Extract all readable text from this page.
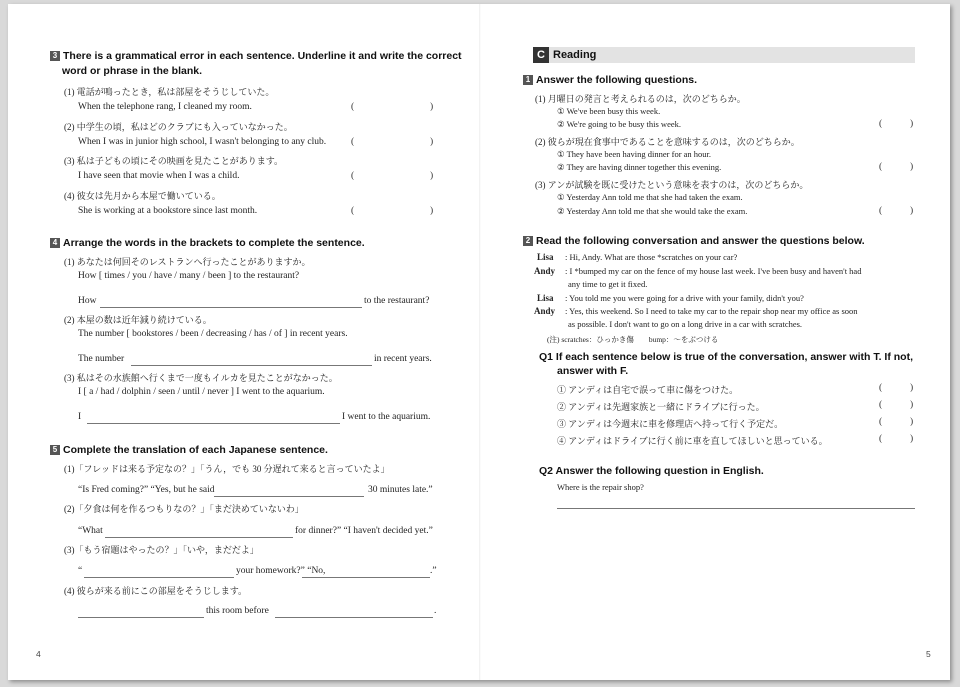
3 There is a grammatical error in each sentence. Underline it and write the correct
word or phrase in the blank.
(1) 電話が鳴ったとき，私は部屋をそうじしていた。
When the telephone rang, I cleaned my room.	(	)
(2) 中学生の頃，私はどのクラブにも入っていなかった。
When I was in junior high school, I wasn't belonging to any club.	(	)
(3) 私は子どもの頃にその映画を見たことがあります。
I have seen that movie when I was a child.	(	)
(4) 彼女は先月から本屋で働いている。
She is working at a bookstore since last month.	(	)
4 Arrange the words in the brackets to complete the sentence.
(1) あなたは何回そのレストランへ行ったことがありますか。
How [ times / you / have / many / been ] to the restaurant?
How	to the restaurant?
(2) 本屋の数は近年減り続けている。
The number [ bookstores / been / decreasing / has / of ] in recent years.
The number	in recent years.
(3) 私はその水族館へ行くまで一度もイルカを見たことがなかった。
I [ a / had / dolphin / seen / until / never ] I went to the aquarium.
I	I went to the aquarium.
5 Complete the translation of each Japanese sentence.
(1)「フレッドは来る予定なの？」「うん，でも 30 分遅れて来ると言っていたよ」
“Is Fred coming?” “Yes, but he said	30 minutes late.”
(2)「夕食は何を作るつもりなの？」「まだ決めていないわ」
“What	for dinner?” “I haven't decided yet.”
(3)「もう宿題はやったの？」「いや，まだだよ」
“	your homework?” “No,	.”
(4) 彼らが来る前にこの部屋をそうじします。
this room before	.
4
C Reading
1 Answer the following questions.
(1) 月曜日の発言と考えられるのは，次のどちらか。
① We've been busy this week.
② We're going to be busy this week.	(	)
(2) 彼らが現在食事中であることを意味するのは，次のどちらか。
① They have been having dinner for an hour.
② They are having dinner together this evening.	(	)
(3) アンが試験を既に受けたという意味を表すのは，次のどちらか。
① Yesterday Ann told me that she had taken the exam.
② Yesterday Ann told me that she would take the exam.	(	)
2 Read the following conversation and answer the questions below.
Lisa : Hi, Andy. What are those *scratches on your car?
Andy : I *bumped my car on the fence of my house last week. I've been busy and haven't had
any time to get it fixed.
Lisa : You told me you were going for a drive with your family, didn't you?
Andy : Yes, this weekend. So I need to take my car to the repair shop near my office as soon
as possible. I don't want to go on a long drive in a car with scratches.
(注) scratches：ひっかき傷　　bump：～をぶつける
Q1 If each sentence below is true of the conversation, answer with T. If not,
answer with F.
① アンディは自宅で誤って車に傷をつけた。	(	)
② アンディは先週家族と一緒にドライブに行った。	(	)
③ アンディは今週末に車を修理店へ持って行く予定だ。	(	)
④ アンディはドライブに行く前に車を直してほしいと思っている。	(	)
Q2 Answer the following question in English.
Where is the repair shop?
5
